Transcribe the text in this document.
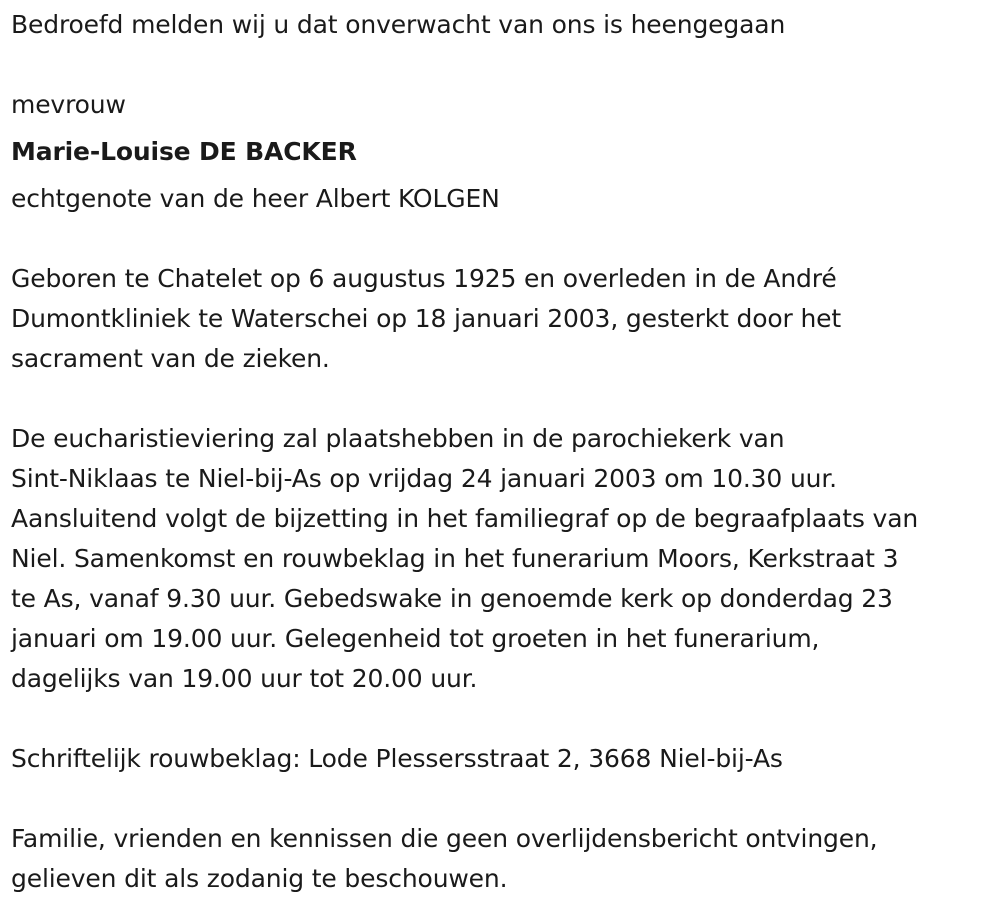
Bedroefd melden wij u dat onverwacht van ons is heengegaan
mevrouw
Marie-Louise DE BACKER
echtgenote van de heer Albert KOLGEN
Geboren te Chatelet op 6 augustus 1925 en overleden in de André
Dumontkliniek te Waterschei op 18 januari 2003, gesterkt door het
sacrament van de zieken.
De eucharistieviering zal plaatshebben in de parochiekerk van
Sint-Niklaas te Niel-bij-As op vrijdag 24 januari 2003 om 10.30 uur.
Aansluitend volgt de bijzetting in het familiegraf op de begraafplaats van
Niel. Samenkomst en rouwbeklag in het funerarium Moors, Kerkstraat 3
te As, vanaf 9.30 uur. Gebedswake in genoemde kerk op donderdag 23
januari om 19.00 uur. Gelegenheid tot groeten in het funerarium,
dagelijks van 19.00 uur tot 20.00 uur.
Schriftelijk rouwbeklag: Lode Plessersstraat 2, 3668 Niel-bij-As
Familie, vrienden en kennissen die geen overlijdensbericht ontvingen,
gelieven dit als zodanig te beschouwen.
